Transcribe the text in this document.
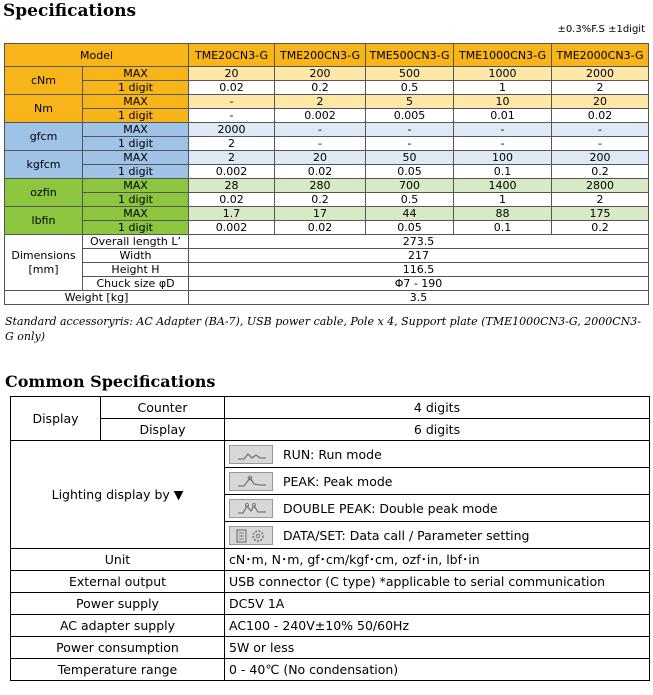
Specifications
±0.3%F.S ±1digit
Model		TME20CN3-G	TME200CN3-G	TME500CN3-G	TME1000CN3-G	TME2000CN3-G
cNm	MAX	20	200	500	1000	2000
	1 digit	0.02	0.2	0.5	1	2
Nm	MAX	-	2	5	10	20
	1 digit	-	0.002	0.005	0.01	0.02
gfcm	MAX	2000	-	-	-	-
	1 digit	2	-	-	-	-
kgfcm	MAX	2	20	50	100	200
	1 digit	0.002	0.02	0.05	0.1	0.2
ozfin	MAX	28	280	700	1400	2800
	1 digit	0.02	0.2	0.5	1	2
lbfin	MAX	1.7	17	44	88	175
	1 digit	0.002	0.02	0.05	0.1	0.2
Dimensions
[mm]	Overall length L’	273.5				
	Width	217				
	Height H	116.5				
	Chuck size φD	Φ7 - 190				
Weight [kg]		3.5				
Standard accessoryris: AC Adapter (BA-7), USB power cable, Pole x 4, Support plate (TME1000CN3-G, 2000CN3-G only)
Common Specifications
Display	Counter	4 digits
	Display	6 digits
Lighting display by ▼		RUN: Run mode

		PEAK: Peak mode

		DOUBLE PEAK: Double peak mode

		DATA/SET: Data call / Parameter setting

Unit		cN･m, N･m, gf･cm/kgf･cm, ozf･in, lbf･in
External output		USB connector (C type) *applicable to serial communication
Power supply		DC5V 1A
AC adapter supply		AC100 - 240V±10% 50/60Hz
Power consumption		5W or less
Temperature range		0 - 40℃ (No condensation)
